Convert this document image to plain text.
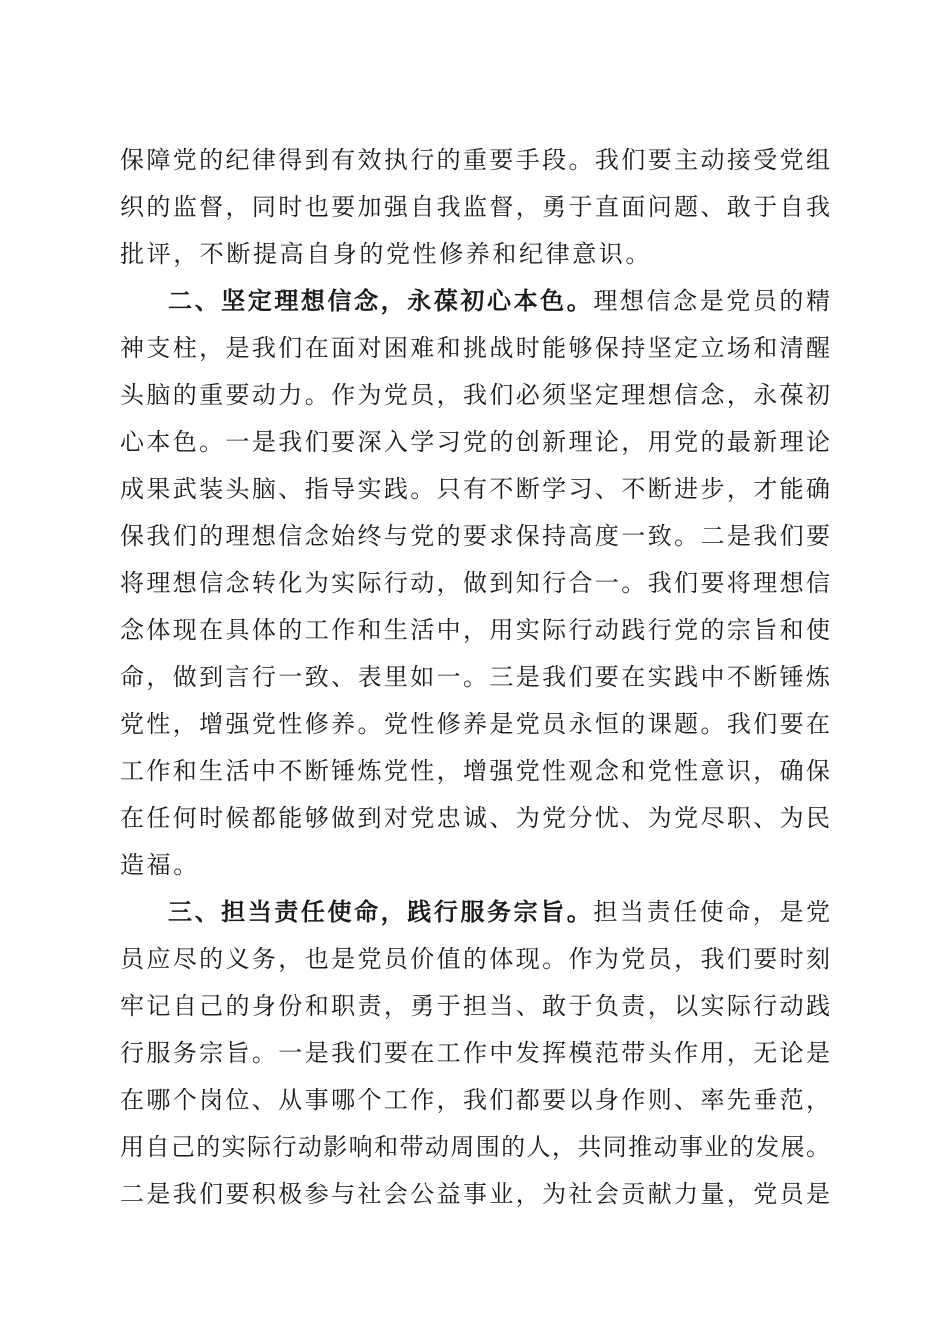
保障党的纪律得到有效执行的重要手段。我们要主动接受党组
织的监督，同时也要加强自我监督，勇于直面问题、敢于自我
批评，不断提高自身的党性修养和纪律意识。
二、坚定理想信念，永葆初心本色。理想信念是党员的精
神支柱，是我们在面对困难和挑战时能够保持坚定立场和清醒
头脑的重要动力。作为党员，我们必须坚定理想信念，永葆初
心本色。一是我们要深入学习党的创新理论，用党的最新理论
成果武装头脑、指导实践。只有不断学习、不断进步，才能确
保我们的理想信念始终与党的要求保持高度一致。二是我们要
将理想信念转化为实际行动，做到知行合一。我们要将理想信
念体现在具体的工作和生活中，用实际行动践行党的宗旨和使
命，做到言行一致、表里如一。三是我们要在实践中不断锤炼
党性，增强党性修养。党性修养是党员永恒的课题。我们要在
工作和生活中不断锤炼党性，增强党性观念和党性意识，确保
在任何时候都能够做到对党忠诚、为党分忧、为党尽职、为民
造福。
三、担当责任使命，践行服务宗旨。担当责任使命，是党
员应尽的义务，也是党员价值的体现。作为党员，我们要时刻
牢记自己的身份和职责，勇于担当、敢于负责，以实际行动践
行服务宗旨。一是我们要在工作中发挥模范带头作用，无论是
在哪个岗位、从事哪个工作，我们都要以身作则、率先垂范，
用自己的实际行动影响和带动周围的人，共同推动事业的发展。
二是我们要积极参与社会公益事业，为社会贡献力量，党员是
